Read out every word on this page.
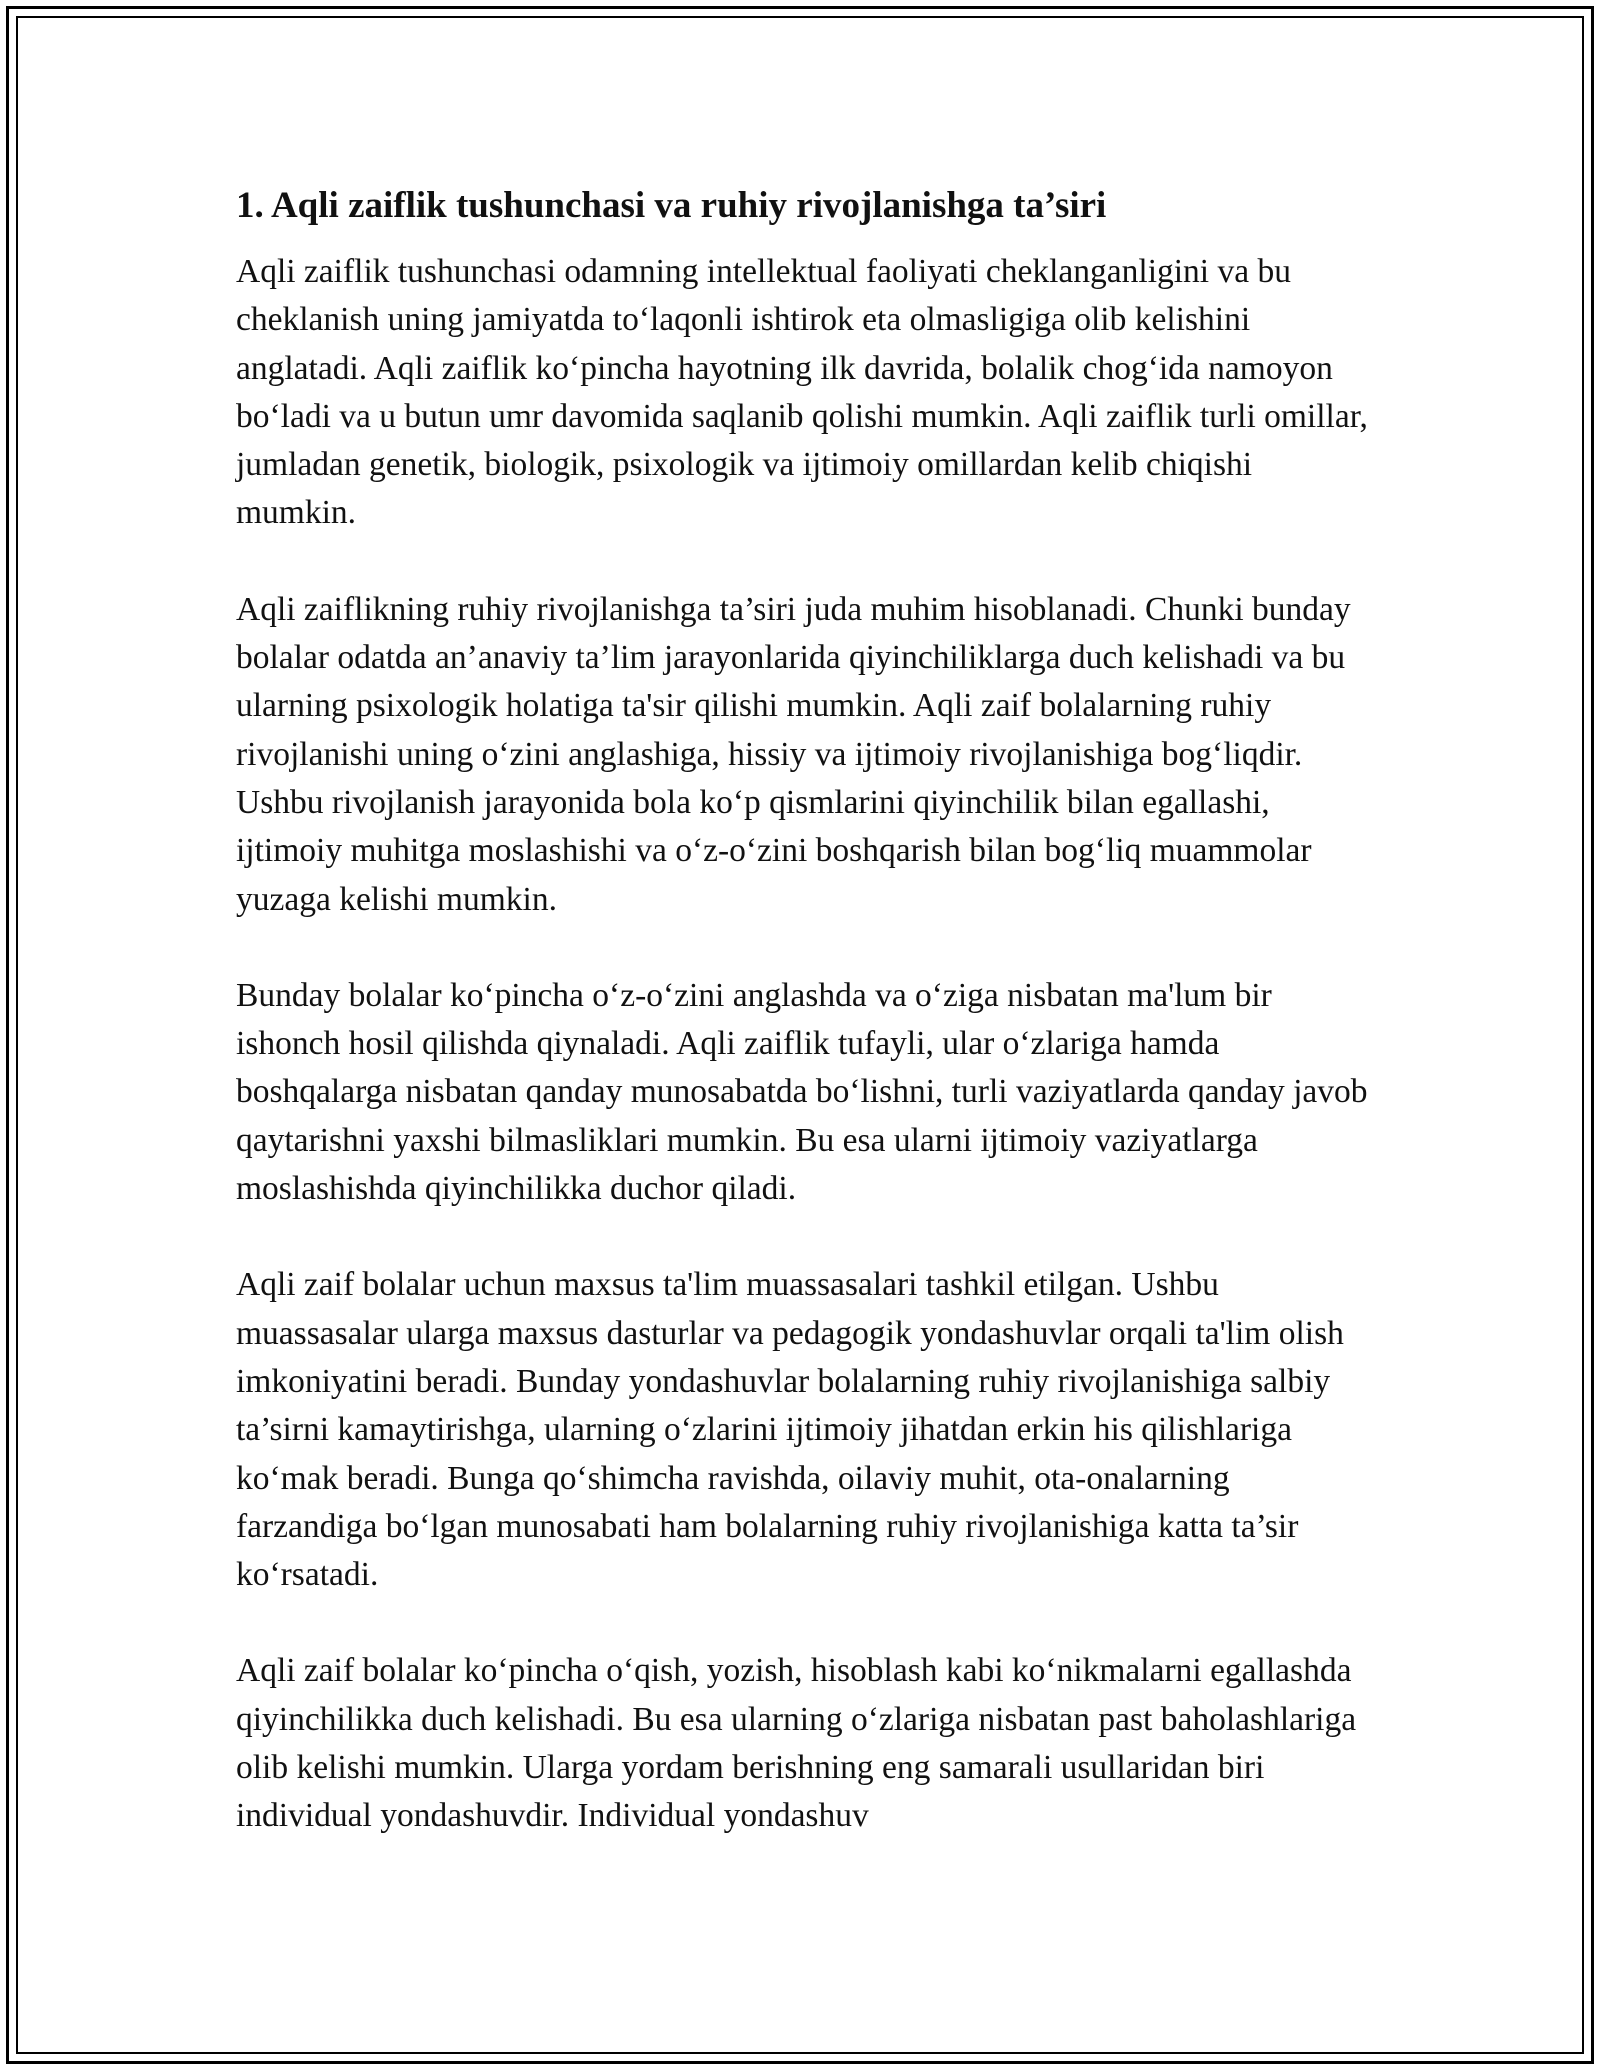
1. Aqli zaiflik tushunchasi va ruhiy rivojlanishga ta’siri

Aqli zaiflik tushunchasi odamning intellektual faoliyati cheklanganligini va bu cheklanish uning jamiyatda to‘laqonli ishtirok eta olmasligiga olib kelishini anglatadi. Aqli zaiflik ko‘pincha hayotning ilk davrida, bolalik chog‘ida namoyon bo‘ladi va u butun umr davomida saqlanib qolishi mumkin. Aqli zaiflik turli omillar, jumladan genetik, biologik, psixologik va ijtimoiy omillardan kelib chiqishi mumkin.

Aqli zaiflikning ruhiy rivojlanishga ta’siri juda muhim hisoblanadi. Chunki bunday bolalar odatda an’anaviy ta’lim jarayonlarida qiyinchiliklarga duch kelishadi va bu ularning psixologik holatiga ta'sir qilishi mumkin. Aqli zaif bolalarning ruhiy rivojlanishi uning o‘zini anglashiga, hissiy va ijtimoiy rivojlanishiga bog‘liqdir. Ushbu rivojlanish jarayonida bola ko‘p qismlarini qiyinchilik bilan egallashi, ijtimoiy muhitga moslashishi va o‘z-o‘zini boshqarish bilan bog‘liq muammolar yuzaga kelishi mumkin.

Bunday bolalar ko‘pincha o‘z-o‘zini anglashda va o‘ziga nisbatan ma'lum bir ishonch hosil qilishda qiynaladi. Aqli zaiflik tufayli, ular o‘zlariga hamda boshqalarga nisbatan qanday munosabatda bo‘lishni, turli vaziyatlarda qanday javob qaytarishni yaxshi bilmasliklari mumkin. Bu esa ularni ijtimoiy vaziyatlarga moslashishda qiyinchilikka duchor qiladi.

Aqli zaif bolalar uchun maxsus ta'lim muassasalari tashkil etilgan. Ushbu muassasalar ularga maxsus dasturlar va pedagogik yondashuvlar orqali ta'lim olish imkoniyatini beradi. Bunday yondashuvlar bolalarning ruhiy rivojlanishiga salbiy ta’sirni kamaytirishga, ularning o‘zlarini ijtimoiy jihatdan erkin his qilishlariga ko‘mak beradi. Bunga qo‘shimcha ravishda, oilaviy muhit, ota-onalarning farzandiga bo‘lgan munosabati ham bolalarning ruhiy rivojlanishiga katta ta’sir ko‘rsatadi.

Aqli zaif bolalar ko‘pincha o‘qish, yozish, hisoblash kabi ko‘nikmalarni egallashda qiyinchilikka duch kelishadi. Bu esa ularning o‘zlariga nisbatan past baholashlariga olib kelishi mumkin. Ularga yordam berishning eng samarali usullaridan biri individual yondashuvdir. Individual yondashuv
